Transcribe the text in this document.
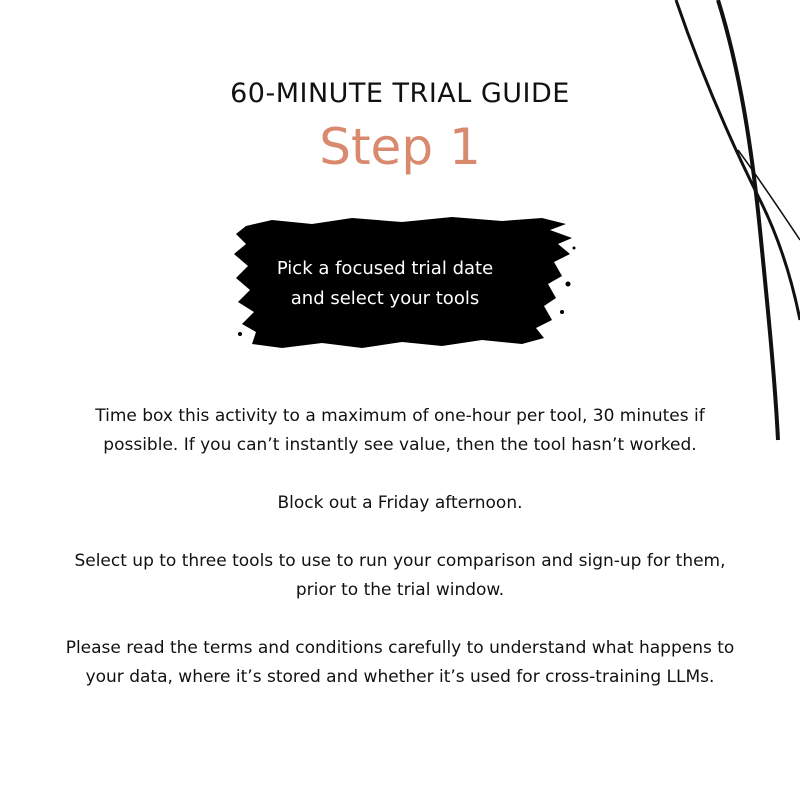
60-MINUTE TRIAL GUIDE
Step 1
Pick a focused trial date
and select your tools

Time box this activity to a maximum of one-hour per tool, 30 minutes if possible. If you can’t instantly see value, then the tool hasn’t worked.

Block out a Friday afternoon.

Select up to three tools to use to run your comparison and sign-up for them, prior to the trial window.

Please read the terms and conditions carefully to understand what happens to your data, where it’s stored and whether it’s used for cross-training LLMs.
